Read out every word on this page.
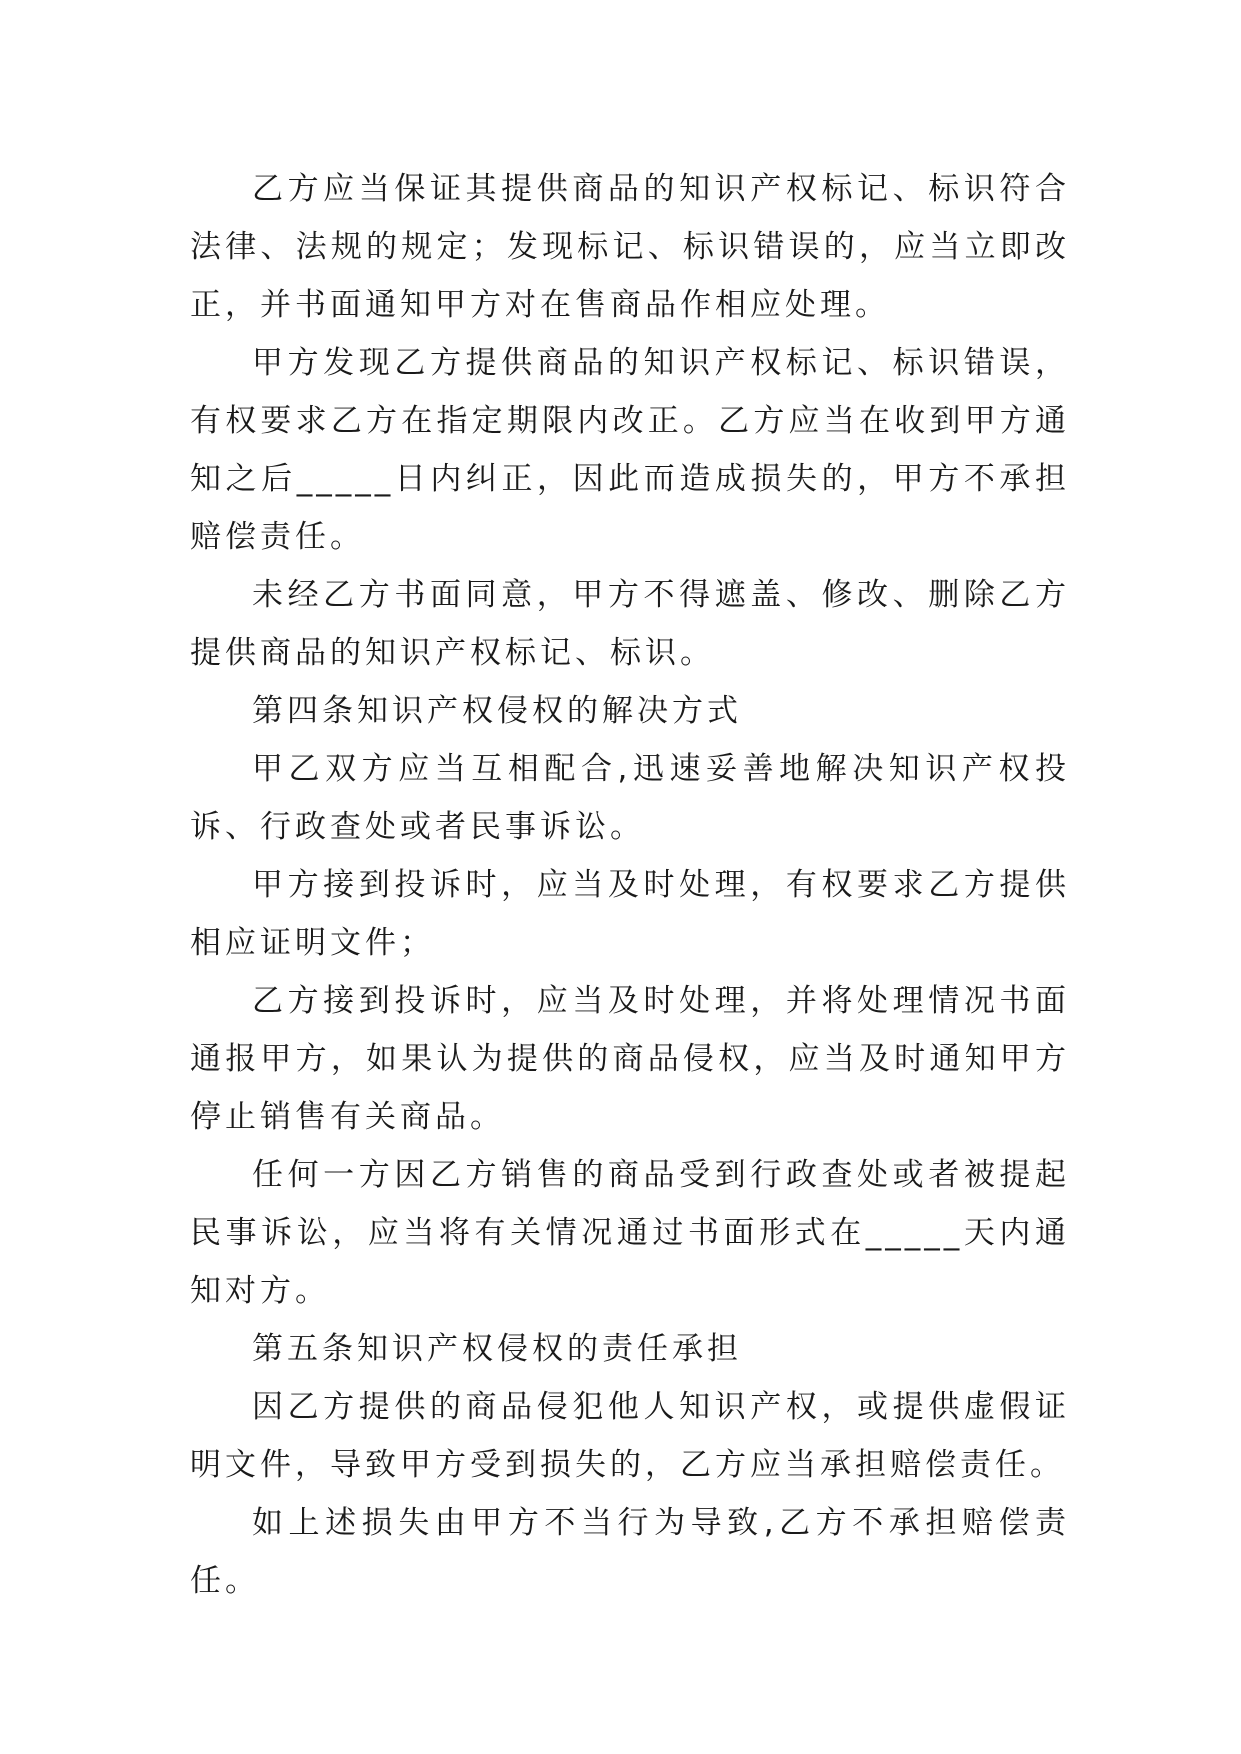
乙方应当保证其提供商品的知识产权标记、标识符合法律、法规的规定；发现标记、标识错误的，应当立即改正，并书面通知甲方对在售商品作相应处理。

甲方发现乙方提供商品的知识产权标记、标识错误，有权要求乙方在指定期限内改正。乙方应当在收到甲方通知之后_____日内纠正，因此而造成损失的，甲方不承担赔偿责任。

未经乙方书面同意，甲方不得遮盖、修改、删除乙方提供商品的知识产权标记、标识。

第四条知识产权侵权的解决方式

甲乙双方应当互相配合,迅速妥善地解决知识产权投诉、行政查处或者民事诉讼。

甲方接到投诉时，应当及时处理，有权要求乙方提供相应证明文件；

乙方接到投诉时，应当及时处理，并将处理情况书面通报甲方，如果认为提供的商品侵权，应当及时通知甲方停止销售有关商品。

任何一方因乙方销售的商品受到行政查处或者被提起民事诉讼，应当将有关情况通过书面形式在_____天内通知对方。

第五条知识产权侵权的责任承担

因乙方提供的商品侵犯他人知识产权，或提供虚假证明文件，导致甲方受到损失的，乙方应当承担赔偿责任。

如上述损失由甲方不当行为导致,乙方不承担赔偿责任。
